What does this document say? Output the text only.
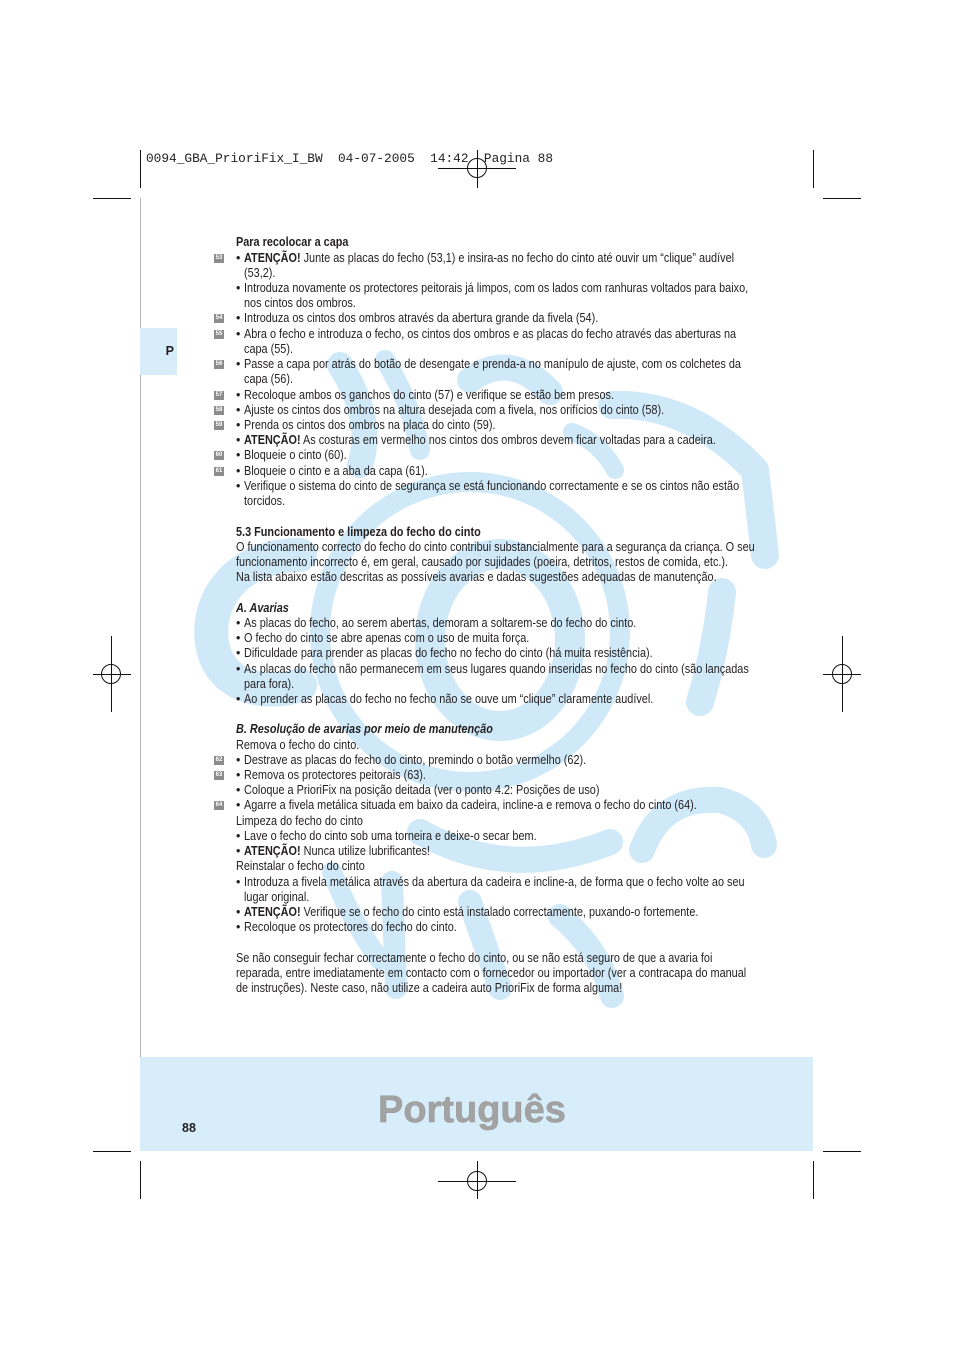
0094_GBA_PrioriFix_I_BW  04-07-2005  14:42  Pagina 88
P
Para recolocar a capa
• 53 ATENÇÃO! Junte as placas do fecho (53,1) e insira-as no fecho do cinto até ouvir um “clique” audível
(53,2).
• Introduza novamente os protectores peitorais já limpos, com os lados com ranhuras voltados para baixo,
nos cintos dos ombros.
• 54 Introduza os cintos dos ombros através da abertura grande da fivela (54).
• 55 Abra o fecho e introduza o fecho, os cintos dos ombros e as placas do fecho através das aberturas na
capa (55).
• 56 Passe a capa por atrás do botão de desengate e prenda-a no manípulo de ajuste, com os colchetes da
capa (56).
• 57 Recoloque ambos os ganchos do cinto (57) e verifique se estão bem presos.
• 58 Ajuste os cintos dos ombros na altura desejada com a fivela, nos orifícios do cinto (58).
• 59 Prenda os cintos dos ombros na placa do cinto (59).
• ATENÇÃO! As costuras em vermelho nos cintos dos ombros devem ficar voltadas para a cadeira.
• 60 Bloqueie o cinto (60).
• 61 Bloqueie o cinto e a aba da capa (61).
• Verifique o sistema do cinto de segurança se está funcionando correctamente e se os cintos não estão
torcidos.
5.3 Funcionamento e limpeza do fecho do cinto
O funcionamento correcto do fecho do cinto contribui substancialmente para a segurança da criança. O seu
funcionamento incorrecto é, em geral, causado por sujidades (poeira, detritos, restos de comida, etc.).
Na lista abaixo estão descritas as possíveis avarias e dadas sugestões adequadas de manutenção.
A. Avarias
• As placas do fecho, ao serem abertas, demoram a soltarem-se do fecho do cinto.
• O fecho do cinto se abre apenas com o uso de muita força.
• Dificuldade para prender as placas do fecho no fecho do cinto (há muita resistência).
• As placas do fecho não permanecem em seus lugares quando inseridas no fecho do cinto (são lançadas
para fora).
• Ao prender as placas do fecho no fecho não se ouve um “clique” claramente audível.
B. Resolução de avarias por meio de manutenção
Remova o fecho do cinto.
• 62 Destrave as placas do fecho do cinto, premindo o botão vermelho (62).
• 63 Remova os protectores peitorais (63).
• Coloque a PrioriFix na posição deitada (ver o ponto 4.2: Posições de uso)
• 64 Agarre a fivela metálica situada em baixo da cadeira, incline-a e remova o fecho do cinto (64).
Limpeza do fecho do cinto
• Lave o fecho do cinto sob uma torneira e deixe-o secar bem.
• ATENÇÃO! Nunca utilize lubrificantes!
Reinstalar o fecho do cinto
• Introduza a fivela metálica através da abertura da cadeira e incline-a, de forma que o fecho volte ao seu
lugar original.
• ATENÇÃO! Verifique se o fecho do cinto está instalado correctamente, puxando-o fortemente.
• Recoloque os protectores do fecho do cinto.
Se não conseguir fechar correctamente o fecho do cinto, ou se não está seguro de que a avaria foi
reparada, entre imediatamente em contacto com o fornecedor ou importador (ver a contracapa do manual
de instruções). Neste caso, não utilize a cadeira auto PrioriFix de forma alguma!
Português
88
